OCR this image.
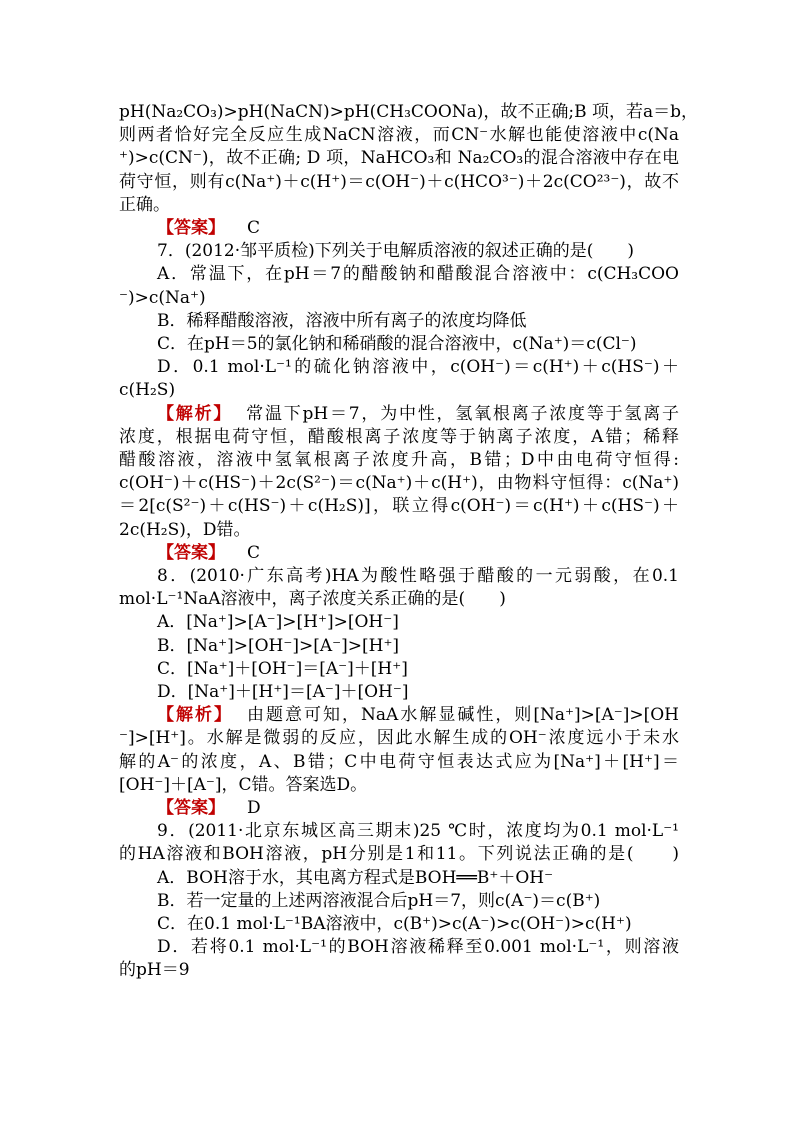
pH(Na₂CO₃)>pH(NaCN)>pH(CH₃COONa)，故不正确;B 项，若a＝b，
则两者恰好完全反应生成NaCN溶液，而CN⁻水解也能使溶液中c(Na
⁺)>c(CN⁻)，故不正确; D 项，NaHCO₃和 Na₂CO₃的混合溶液中存在电
荷守恒，则有c(Na⁺)＋c(H⁺)＝c(OH⁻)＋c(HCO³⁻)＋2c(CO²³⁻)，故不
正确。
【答案】 C
7．(2012·邹平质检)下列关于电解质溶液的叙述正确的是(　　)
A．常温下，在pH＝7的醋酸钠和醋酸混合溶液中：c(CH₃COO
⁻)>c(Na⁺)
B．稀释醋酸溶液，溶液中所有离子的浓度均降低
C．在pH＝5的氯化钠和稀硝酸的混合溶液中，c(Na⁺)＝c(Cl⁻)
D．0.1 mol·L⁻¹的硫化钠溶液中，c(OH⁻)＝c(H⁺)＋c(HS⁻)＋
c(H₂S)
【解析】 常温下pH＝7，为中性，氢氧根离子浓度等于氢离子
浓度，根据电荷守恒，醋酸根离子浓度等于钠离子浓度，A错；稀释
醋酸溶液，溶液中氢氧根离子浓度升高，B错；D中由电荷守恒得:
c(OH⁻)＋c(HS⁻)＋2c(S²⁻)＝c(Na⁺)＋c(H⁺)，由物料守恒得：c(Na⁺)
＝2[c(S²⁻)＋c(HS⁻)＋c(H₂S)]，联立得c(OH⁻)＝c(H⁺)＋c(HS⁻)＋
2c(H₂S)，D错。
【答案】 C
8．(2010·广东高考)HA为酸性略强于醋酸的一元弱酸，在0.1
mol·L⁻¹NaA溶液中，离子浓度关系正确的是(　　)
A．[Na⁺]>[A⁻]>[H⁺]>[OH⁻]
B．[Na⁺]>[OH⁻]>[A⁻]>[H⁺]
C．[Na⁺]＋[OH⁻]＝[A⁻]＋[H⁺]
D．[Na⁺]＋[H⁺]＝[A⁻]＋[OH⁻]
【解析】 由题意可知，NaA水解显碱性，则[Na⁺]>[A⁻]>[OH
⁻]>[H⁺]。水解是微弱的反应，因此水解生成的OH⁻浓度远小于未水
解的A⁻的浓度，A、B错；C中电荷守恒表达式应为[Na⁺]＋[H⁺]＝
[OH⁻]＋[A⁻]，C错。答案选D。
【答案】 D
9．(2011·北京东城区高三期末)25 ℃时，浓度均为0.1 mol·L⁻¹
的HA溶液和BOH溶液，pH分别是1和11。下列说法正确的是(　　)
A．BOH溶于水，其电离方程式是BOH══B⁺＋OH⁻
B．若一定量的上述两溶液混合后pH＝7，则c(A⁻)＝c(B⁺)
C．在0.1 mol·L⁻¹BA溶液中，c(B⁺)>c(A⁻)>c(OH⁻)>c(H⁺)
D．若将0.1 mol·L⁻¹的BOH溶液稀释至0.001 mol·L⁻¹，则溶液
的pH＝9
